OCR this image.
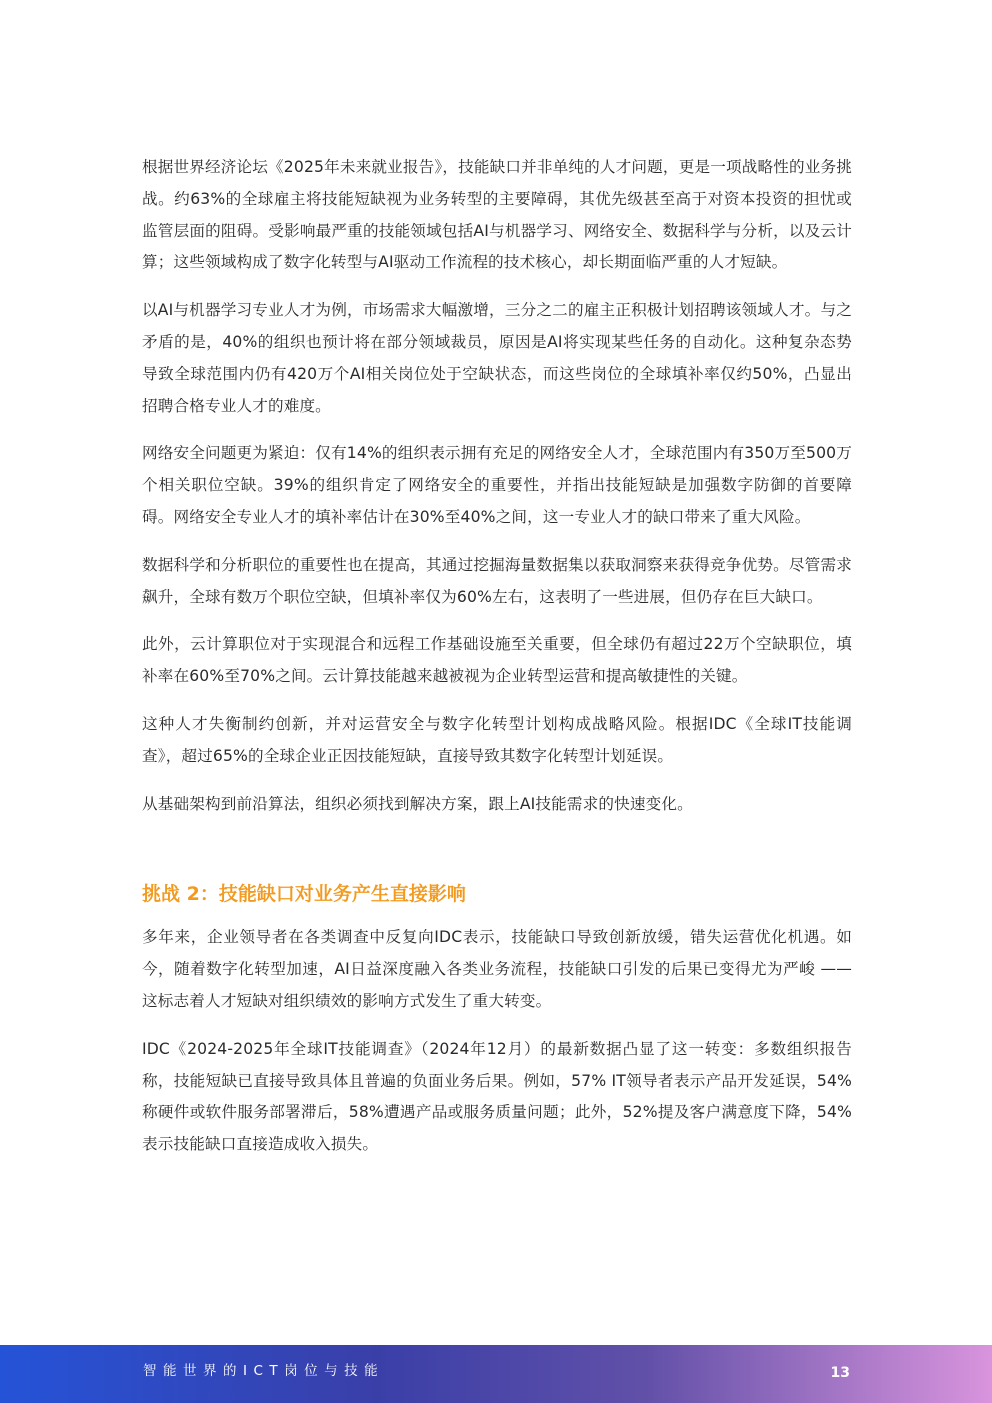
根据世界经济论坛《2025年未来就业报告》，技能缺口并非单纯的人才问题，更是一项战略性的业务挑战。约63%的全球雇主将技能短缺视为业务转型的主要障碍，其优先级甚至高于对资本投资的担忧或监管层面的阻碍。受影响最严重的技能领域包括AI与机器学习、网络安全、数据科学与分析，以及云计算；这些领域构成了数字化转型与AI驱动工作流程的技术核心，却长期面临严重的人才短缺。

以AI与机器学习专业人才为例，市场需求大幅激增，三分之二的雇主正积极计划招聘该领域人才。与之矛盾的是，40%的组织也预计将在部分领域裁员，原因是AI将实现某些任务的自动化。这种复杂态势导致全球范围内仍有420万个AI相关岗位处于空缺状态，而这些岗位的全球填补率仅约50%，凸显出招聘合格专业人才的难度。

网络安全问题更为紧迫：仅有14%的组织表示拥有充足的网络安全人才，全球范围内有350万至500万个相关职位空缺。39%的组织肯定了网络安全的重要性，并指出技能短缺是加强数字防御的首要障碍。网络安全专业人才的填补率估计在30%至40%之间，这一专业人才的缺口带来了重大风险。

数据科学和分析职位的重要性也在提高，其通过挖掘海量数据集以获取洞察来获得竞争优势。尽管需求飙升，全球有数万个职位空缺，但填补率仅为60%左右，这表明了一些进展，但仍存在巨大缺口。

此外，云计算职位对于实现混合和远程工作基础设施至关重要，但全球仍有超过22万个空缺职位，填补率在60%至70%之间。云计算技能越来越被视为企业转型运营和提高敏捷性的关键。

这种人才失衡制约创新，并对运营安全与数字化转型计划构成战略风险。根据IDC《全球IT技能调查》，超过65%的全球企业正因技能短缺，直接导致其数字化转型计划延误。

从基础架构到前沿算法，组织必须找到解决方案，跟上AI技能需求的快速变化。

挑战 2：技能缺口对业务产生直接影响

多年来，企业领导者在各类调查中反复向IDC表示，技能缺口导致创新放缓，错失运营优化机遇。如今，随着数字化转型加速，AI日益深度融入各类业务流程，技能缺口引发的后果已变得尤为严峻 —— 这标志着人才短缺对组织绩效的影响方式发生了重大转变。

IDC《2024-2025年全球IT技能调查》（2024年12月）的最新数据凸显了这一转变：多数组织报告称，技能短缺已直接导致具体且普遍的负面业务后果。例如，57% IT领导者表示产品开发延误，54%称硬件或软件服务部署滞后，58%遭遇产品或服务质量问题；此外，52%提及客户满意度下降，54%表示技能缺口直接造成收入损失。

智能世界的ICT岗位与技能	13
